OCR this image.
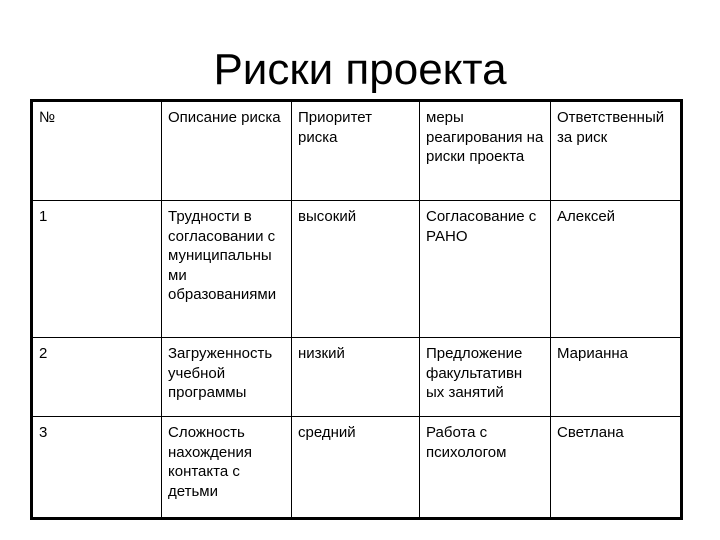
Риски проекта
№	Описание риска	Приоритет риска	меры реагирования на риски проекта	Ответственный за риск
1	Трудности в согласовании с муниципальны ми образованиями	высокий	Согласование с РАНО	Алексей
2	Загруженность учебной программы	низкий	Предложение факультативн ых занятий	Марианна
3	Сложность нахождения контакта с детьми	средний	Работа с психологом	Светлана
